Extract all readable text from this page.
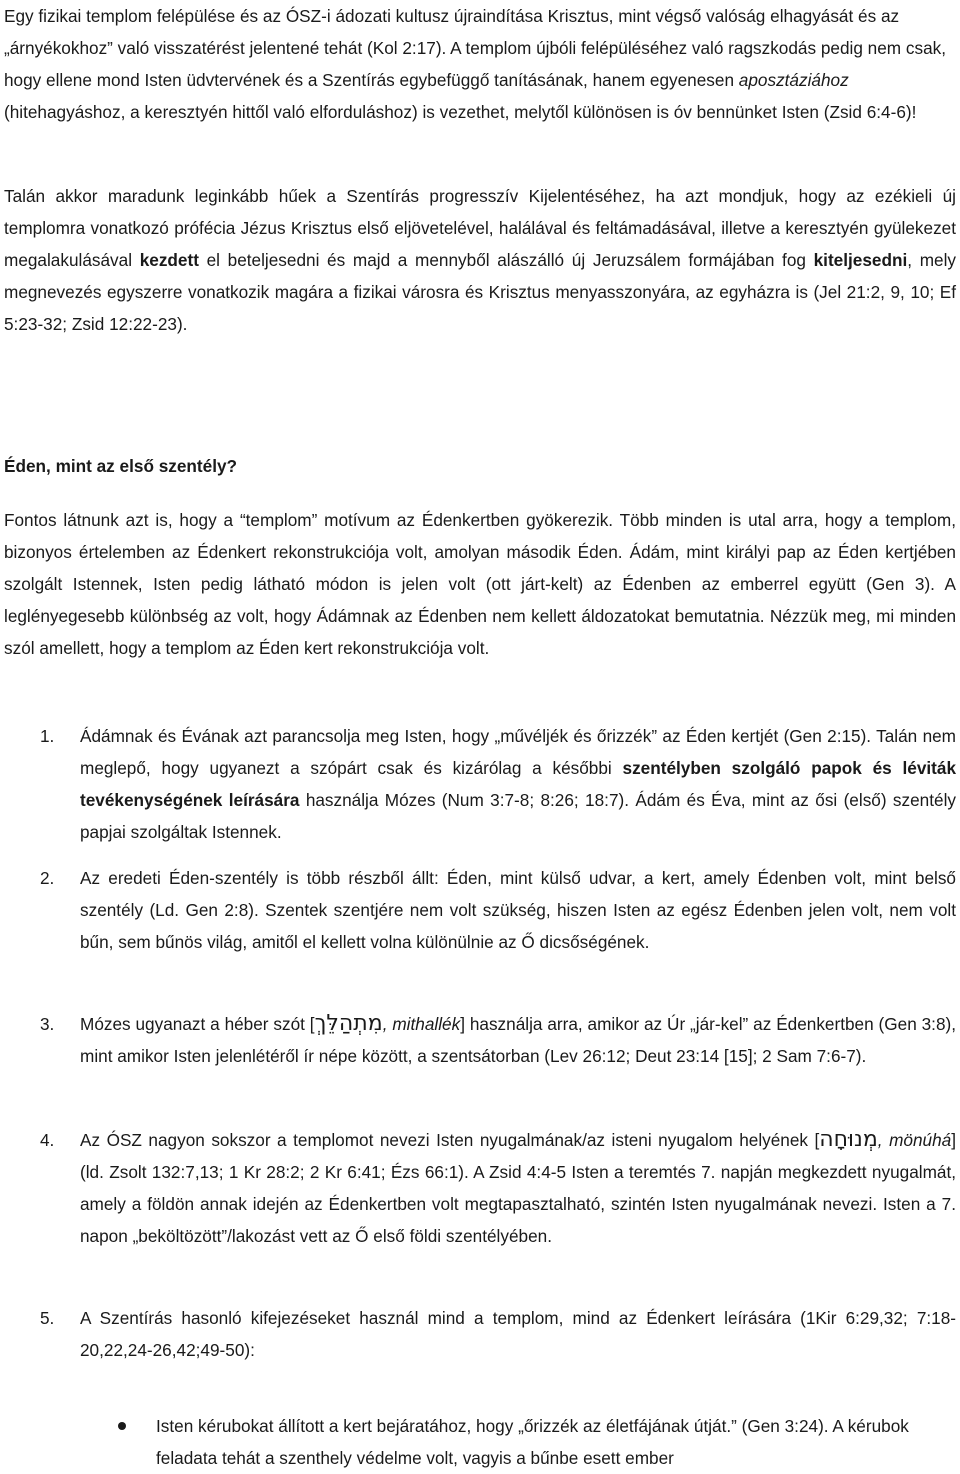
Egy fizikai templom felépülése és az ÓSZ-i ádozati kultusz újraindítása Krisztus, mint végső valóság elhagyását és az „árnyékokhoz” való visszatérést jelentené tehát (Kol 2:17). A templom újbóli felépüléséhez való ragszkodás pedig nem csak, hogy ellene mond Isten üdvtervének és a Szentírás egybefüggő tanításának, hanem egyenesen aposztáziához (hitehagyáshoz, a keresztyén hittől való elforduláshoz) is vezethet, melytől különösen is óv bennünket Isten (Zsid 6:4-6)!

Talán akkor maradunk leginkább hűek a Szentírás progresszív Kijelentéséhez, ha azt mondjuk, hogy az ezékieli új templomra vonatkozó prófécia Jézus Krisztus első eljövetelével, halálával és feltámadásával, illetve a keresztyén gyülekezet megalakulásával kezdett el beteljesedni és majd a mennyből alászálló új Jeruzsálem formájában fog kiteljesedni, mely megnevezés egyszerre vonatkozik magára a fizikai városra és Krisztus menyasszonyára, az egyházra is (Jel 21:2, 9, 10; Ef 5:23-32; Zsid 12:22-23).

Éden, mint az első szentély?

Fontos látnunk azt is, hogy a “templom” motívum az Édenkertben gyökerezik. Több minden is utal arra, hogy a templom, bizonyos értelemben az Édenkert rekonstrukciója volt, amolyan második Éden. Ádám, mint királyi pap az Éden kertjében szolgált Istennek, Isten pedig látható módon is jelen volt (ott járt-kelt) az Édenben az emberrel együtt (Gen 3). A leglényegesebb különbség az volt, hogy Ádámnak az Édenben nem kellett áldozatokat bemutatnia. Nézzük meg, mi minden szól amellett, hogy a templom az Éden kert rekonstrukciója volt.

1. Ádámnak és Évának azt parancsolja meg Isten, hogy „művéljék és őrizzék” az Éden kertjét (Gen 2:15). Talán nem meglepő, hogy ugyanezt a szópárt csak és kizárólag a későbbi szentélyben szolgáló papok és léviták tevékenységének leírására használja Mózes (Num 3:7-8; 8:26; 18:7). Ádám és Éva, mint az ősi (első) szentély papjai szolgáltak Istennek.
2. Az eredeti Éden-szentély is több részből állt: Éden, mint külső udvar, a kert, amely Édenben volt, mint belső szentély (Ld. Gen 2:8). Szentek szentjére nem volt szükség, hiszen Isten az egész Édenben jelen volt, nem volt bűn, sem bűnös világ, amitől el kellett volna különülnie az Ő dicsőségének.
3. Mózes ugyanazt a héber szót [מִתְהַלֵּךְ, mithallék] használja arra, amikor az Úr „jár-kel” az Édenkertben (Gen 3:8), mint amikor Isten jelenlétéről ír népe között, a szentsátorban (Lev 26:12; Deut 23:14 [15]; 2 Sam 7:6-7).
4. Az ÓSZ nagyon sokszor a templomot nevezi Isten nyugalmának/az isteni nyugalom helyének [מְנוּחָה, mönúhá] (ld. Zsolt 132:7,13; 1 Kr 28:2; 2 Kr 6:41; Ézs 66:1). A Zsid 4:4-5 Isten a teremtés 7. napján megkezdett nyugalmát, amely a földön annak idején az Édenkertben volt megtapasztalható, szintén Isten nyugalmának nevezi. Isten a 7. napon „beköltözött”/lakozást vett az Ő első földi szentélyében.
5. A Szentírás hasonló kifejezéseket használ mind a templom, mind az Édenkert leírására (1Kir 6:29,32; 7:18-20,22,24-26,42;49-50):
Isten kérubokat állított a kert bejáratához, hogy „őrizzék az életfájának útját.” (Gen 3:24). A kérubok feladata tehát a szenthely védelme volt, vagyis a bűnbe esett ember
